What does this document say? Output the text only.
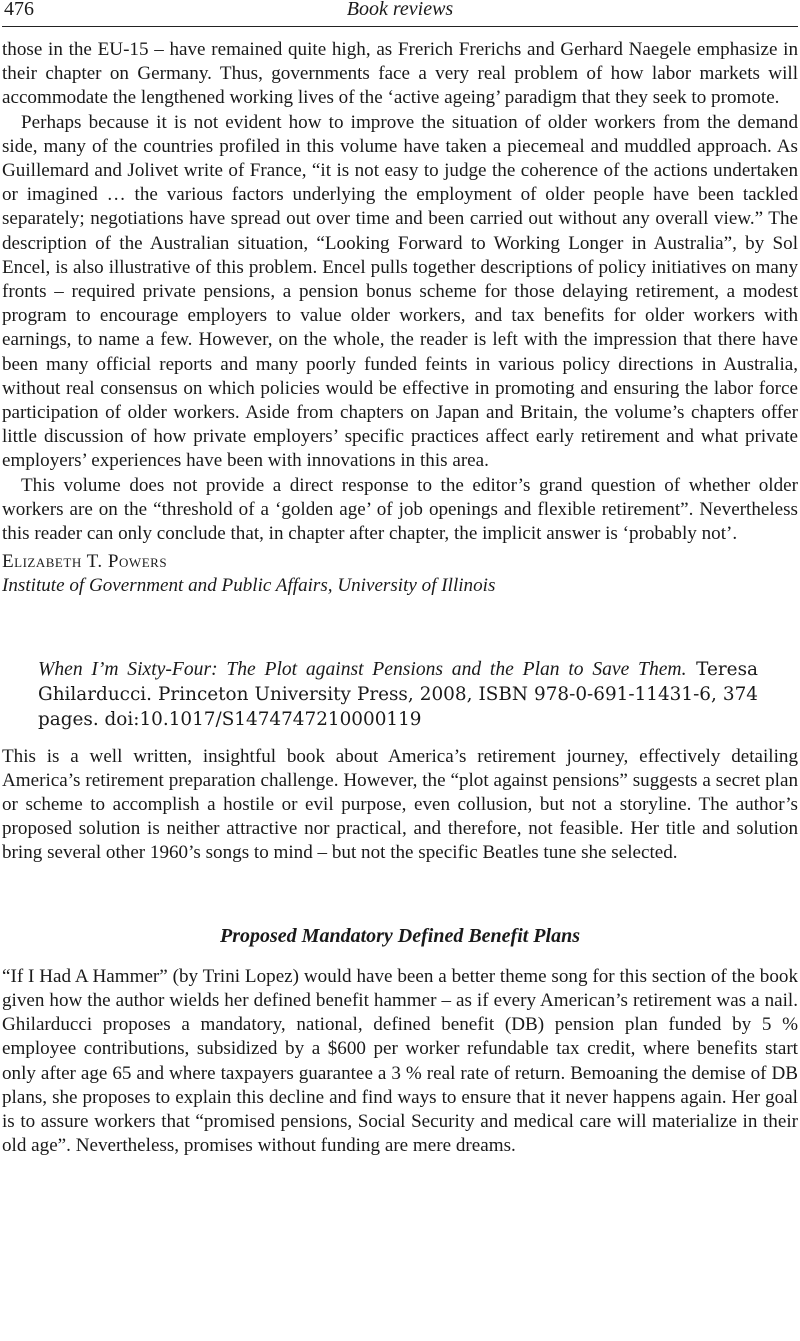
476	Book reviews

those in the EU-15 – have remained quite high, as Frerich Frerichs and Gerhard Naegele emphasize in their chapter on Germany. Thus, governments face a very real problem of how labor markets will accommodate the lengthened working lives of the ‘active ageing’ paradigm that they seek to promote.

Perhaps because it is not evident how to improve the situation of older workers from the demand side, many of the countries profiled in this volume have taken a piecemeal and muddled approach. As Guillemard and Jolivet write of France, “it is not easy to judge the coherence of the actions undertaken or imagined … the various factors underlying the employment of older people have been tackled separately; negotiations have spread out over time and been carried out without any overall view.” The description of the Australian situation, “Looking Forward to Working Longer in Australia”, by Sol Encel, is also illustrative of this problem. Encel pulls together descriptions of policy initiatives on many fronts – required private pensions, a pension bonus scheme for those delaying retirement, a modest program to encourage employers to value older workers, and tax benefits for older workers with earnings, to name a few. However, on the whole, the reader is left with the impression that there have been many official reports and many poorly funded feints in various policy directions in Australia, without real consensus on which policies would be effective in promoting and ensuring the labor force participation of older workers. Aside from chapters on Japan and Britain, the volume’s chapters offer little discussion of how private employers’ specific practices affect early retirement and what private employers’ experiences have been with innovations in this area.

This volume does not provide a direct response to the editor’s grand question of whether older workers are on the “threshold of a ‘golden age’ of job openings and flexible retirement”. Nevertheless this reader can only conclude that, in chapter after chapter, the implicit answer is ‘probably not’.

Elizabeth T. Powers
Institute of Government and Public Affairs, University of Illinois
When I’m Sixty-Four: The Plot against Pensions and the Plan to Save Them. Teresa Ghilarducci. Princeton University Press, 2008, ISBN 978-0-691-11431-6, 374 pages. doi:10.1017/S1474747210000119

This is a well written, insightful book about America’s retirement journey, effectively detailing America’s retirement preparation challenge. However, the “plot against pensions” suggests a secret plan or scheme to accomplish a hostile or evil purpose, even collusion, but not a storyline. The author’s proposed solution is neither attractive nor practical, and therefore, not feasible. Her title and solution bring several other 1960’s songs to mind – but not the specific Beatles tune she selected.

Proposed Mandatory Defined Benefit Plans

“If I Had A Hammer” (by Trini Lopez) would have been a better theme song for this section of the book given how the author wields her defined benefit hammer – as if every American’s retirement was a nail. Ghilarducci proposes a mandatory, national, defined benefit (DB) pension plan funded by 5 % employee contributions, subsidized by a $600 per worker refundable tax credit, where benefits start only after age 65 and where taxpayers guarantee a 3 % real rate of return. Bemoaning the demise of DB plans, she proposes to explain this decline and find ways to ensure that it never happens again. Her goal is to assure workers that “promised pensions, Social Security and medical care will materialize in their old age”. Nevertheless, promises without funding are mere dreams.
